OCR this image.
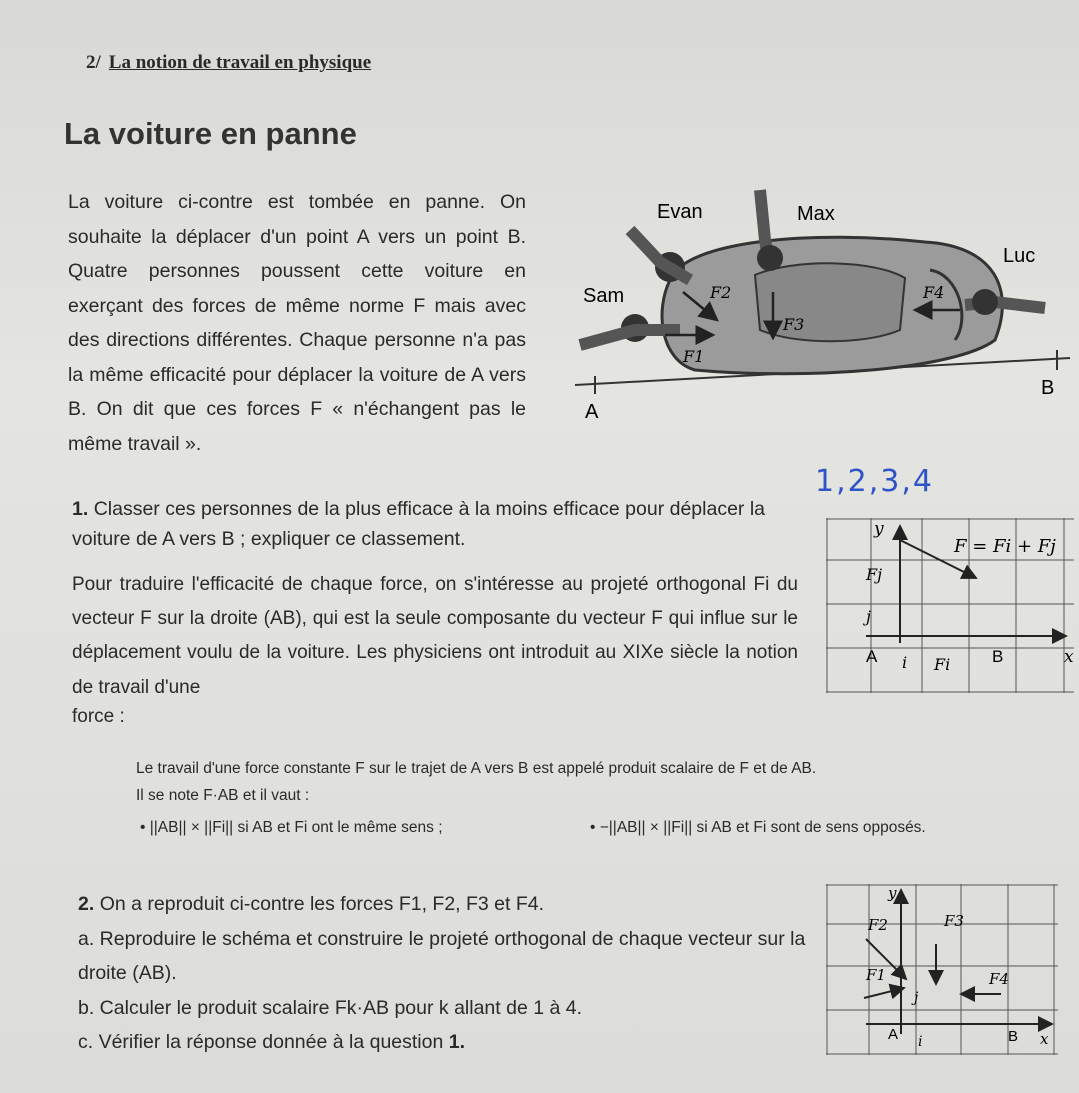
2/ La notion de travail en physique
La voiture en panne
La voiture ci-contre est tombée en panne. On souhaite la déplacer d'un point A vers un point B. Quatre personnes poussent cette voiture en exerçant des forces de même norme F mais avec des directions différentes. Chaque personne n'a pas la même efficacité pour déplacer la voiture de A vers B. On dit que ces forces F « n'échangent pas le même travail ».
Evan	Max
Luc
Sam	F2	F4
F3
F1
A
B
1,2,3,4
1. Classer ces personnes de la plus efficace à la moins efficace pour déplacer la voiture de A vers B ; expliquer ce classement.
Pour traduire l'efficacité de chaque force, on s'intéresse au projeté orthogonal Fi du vecteur F sur la droite (AB), qui est la seule composante du vecteur F qui influe sur le déplacement voulu de la voiture. Les physiciens ont introduit au XIXe siècle la notion de travail d'une
force :
y
x
A	B
i
j
Fj
Fi
F = Fi + Fj
Le travail d'une force constante F sur le trajet de A vers B est appelé produit scalaire de F et de AB.
Il se note F·AB et il vaut :
• ||AB|| × ||Fi|| si AB et Fi ont le même sens ;	• −||AB|| × ||Fi|| si AB et Fi sont de sens opposés.
2. On a reproduit ci-contre les forces F1, F2, F3 et F4.
a. Reproduire le schéma et construire le projeté orthogonal de chaque vecteur sur la droite (AB).
b. Calculer le produit scalaire Fk·AB pour k allant de 1 à 4.
c. Vérifier la réponse donnée à la question 1.
y
x
A	B
i
j
F2	F3
F4
F1
